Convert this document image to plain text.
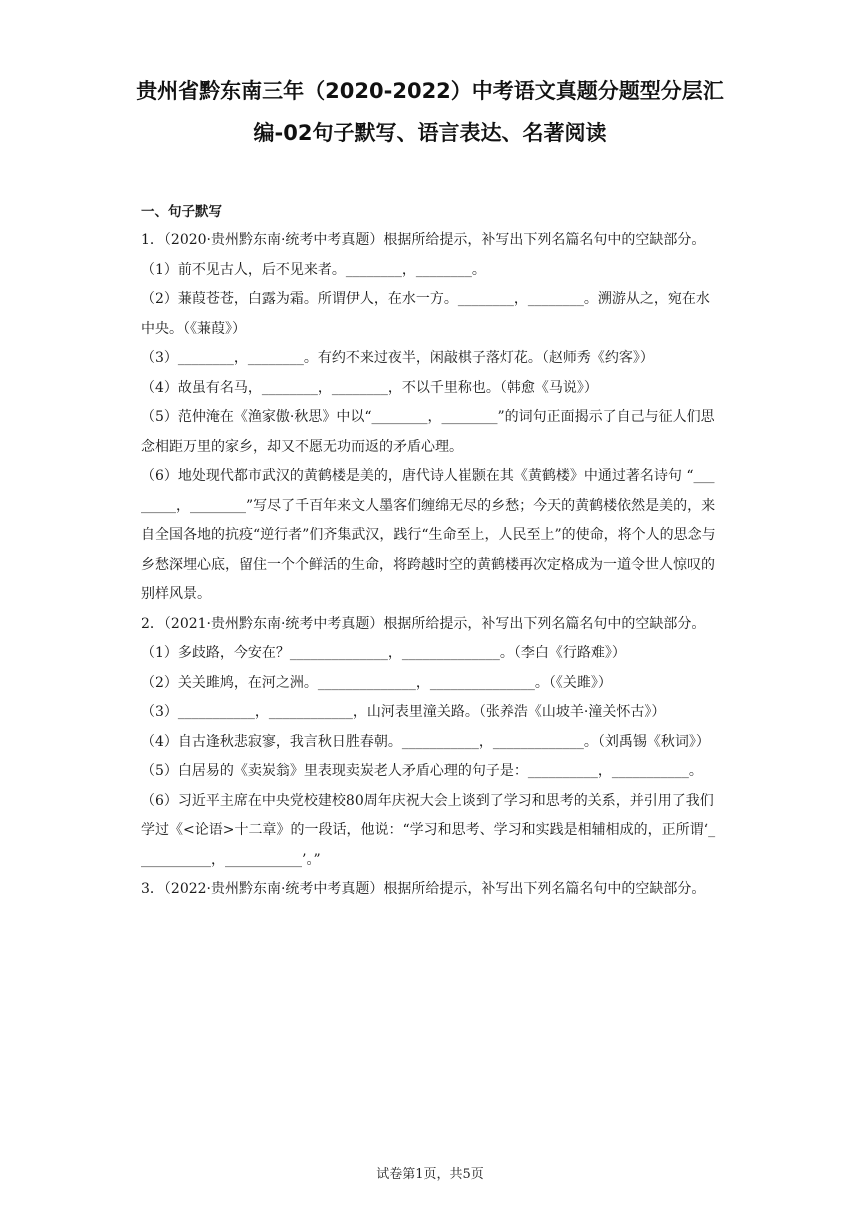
贵州省黔东南三年（2020-2022）中考语文真题分题型分层汇
编-02句子默写、语言表达、名著阅读
一、句子默写

1．（2020·贵州黔东南·统考中考真题）根据所给提示，补写出下列名篇名句中的空缺部分。

（1）前不见古人，后不见来者。________，________。

（2）蒹葭苍苍，白露为霜。所谓伊人，在水一方。________，________。溯游从之，宛在水中央。（《蒹葭》）

（3）________，________。有约不来过夜半，闲敲棋子落灯花。（赵师秀《约客》）

（4）故虽有名马，________，________，不以千里称也。（韩愈《马说》）

（5）范仲淹在《渔家傲·秋思》中以“________，________”的词句正面揭示了自己与征人们思念相距万里的家乡，却又不愿无功而返的矛盾心理。

（6）地处现代都市武汉的黄鹤楼是美的，唐代诗人崔颢在其《黄鹤楼》中通过著名诗句 “________，________”写尽了千百年来文人墨客们缠绵无尽的乡愁；今天的黄鹤楼依然是美的，来自全国各地的抗疫“逆行者”们齐集武汉，践行“生命至上，人民至上”的使命，将个人的思念与乡愁深埋心底，留住一个个鲜活的生命，将跨越时空的黄鹤楼再次定格成为一道令世人惊叹的别样风景。

2．（2021·贵州黔东南·统考中考真题）根据所给提示，补写出下列名篇名句中的空缺部分。

（1）多歧路，今安在？______________，______________。（李白《行路难》）

（2）关关雎鸠，在河之洲。______________，_______________。（《关雎》）

（3）___________，____________，山河表里潼关路。（张养浩《山坡羊·潼关怀古》）

（4）自古逢秋悲寂寥，我言秋日胜春朝。___________，_____________。（刘禹锡《秋词》）

（5）白居易的《卖炭翁》里表现卖炭老人矛盾心理的句子是：__________，___________。

（6）习近平主席在中央党校建校80周年庆祝大会上谈到了学习和思考的关系，并引用了我们学过《<论语>十二章》的一段话，他说：“学习和思考、学习和实践是相辅相成的，正所谓‘___________，___________’。”

3．（2022·贵州黔东南·统考中考真题）根据所给提示，补写出下列名篇名句中的空缺部分。

试卷第1页，共5页
